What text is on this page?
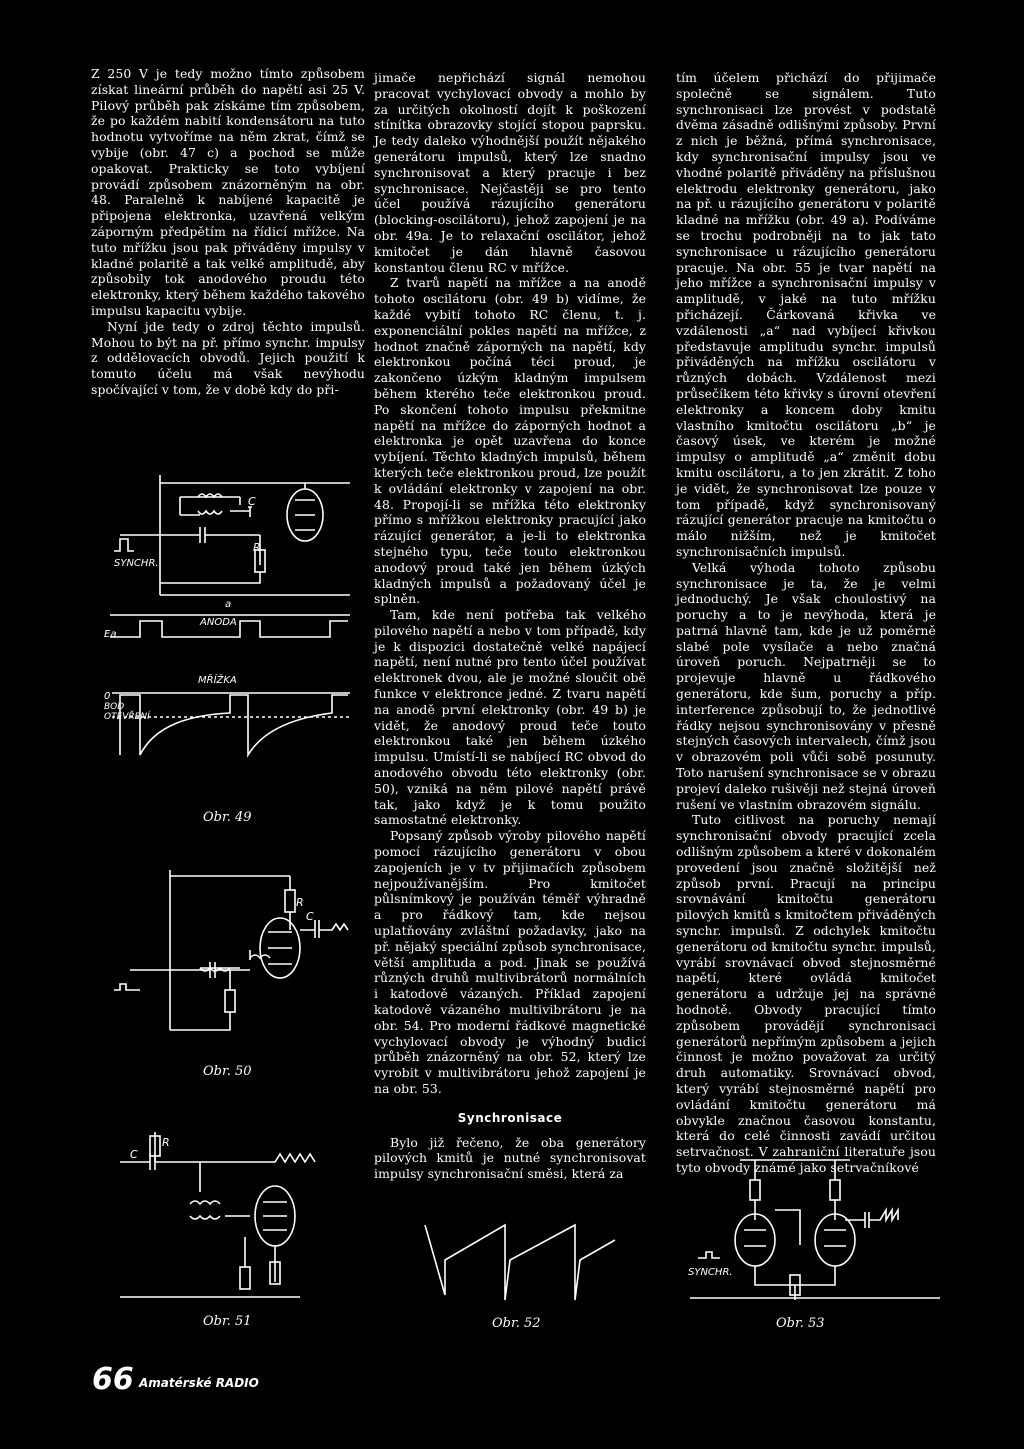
Z 250 V je tedy možno tímto způsobem získat lineární průběh do napětí asi 25 V. Pilový průběh pak získáme tím způsobem, že po každém nabití kondensátoru na tuto hodnotu vytvoříme na něm zkrat, čímž se vybije (obr. 47 c) a pochod se může opakovat. Prakticky se toto vybíjení provádí způsobem znázorněným na obr. 48. Paralelně k nabíjené kapacitě je připojena elektronka, uzavřená velkým záporným předpětím na řídicí mřížce. Na tuto mřížku jsou pak přiváděny impulsy v kladné polaritě a tak velké amplitudě, aby způsobily tok anodového proudu této elektronky, který během každého takového impulsu kapacitu vybije.

Nyní jde tedy o zdroj těchto impulsů. Mohou to být na př. přímo synchr. impulsy z oddělovacích obvodů. Jejich použití k tomuto účelu má však nevýhodu spočívající v tom, že v době kdy do při-

jimače nepřichází signál nemohou pracovat vychylovací obvody a mohlo by za určitých okolností dojít k poškození stínítka obrazovky stojící stopou paprsku. Je tedy daleko výhodnější použít nějakého generátoru impulsů, který lze snadno synchronisovat a který pracuje i bez synchronisace. Nejčastěji se pro tento účel používá rázujícího generátoru (blocking-oscilátoru), jehož zapojení je na obr. 49a. Je to relaxační oscilátor, jehož kmitočet je dán hlavně časovou konstantou členu RC v mřížce.

Z tvarů napětí na mřížce a na anodě tohoto oscilátoru (obr. 49 b) vidíme, že každé vybití tohoto RC členu, t. j. exponenciální pokles napětí na mřížce, z hodnot značně záporných na napětí, kdy elektronkou počíná téci proud, je zakončeno úzkým kladným impulsem během kterého teče elektronkou proud. Po skončení tohoto impulsu překmitne napětí na mřížce do záporných hodnot a elektronka je opět uzavřena do konce vybíjení. Těchto kladných impulsů, během kterých teče elektronkou proud, lze použít k ovládání elektronky v zapojení na obr. 48. Propojí-li se mřížka této elektronky přímo s mřížkou elektronky pracující jako rázující generátor, a je-li to elektronka stejného typu, teče touto elektronkou anodový proud také jen během úzkých kladných impulsů a požadovaný účel je splněn.

Tam, kde není potřeba tak velkého pilového napětí a nebo v tom případě, kdy je k dispozici dostatečně velké napájecí napětí, není nutné pro tento účel používat elektronek dvou, ale je možné sloučit obě funkce v elektronce jedné. Z tvaru napětí na anodě první elektronky (obr. 49 b) je vidět, že anodový proud teče touto elektronkou také jen během úzkého impulsu. Umístí-li se nabíjecí RC obvod do anodového obvodu této elektronky (obr. 50), vzniká na něm pilové napětí právě tak, jako když je k tomu použito samostatné elektronky.

Popsaný způsob výroby pilového napětí pomocí rázujícího generátoru v obou zapojeních je v tv přijimačích způsobem nejpoužívanějším. Pro kmitočet půlsnímkový je používán téměř výhradně a pro řádkový tam, kde nejsou uplatňovány zvláštní požadavky, jako na př. nějaký speciální způsob synchronisace, větší amplituda a pod. Jinak se používá různých druhů multivibrátorů normálních i katodově vázaných. Příklad zapojení katodově vázaného multivibrátoru je na obr. 54. Pro moderní řádkové magnetické vychylovací obvody je výhodný budicí průběh znázorněný na obr. 52, který lze vyrobit v multivibrátoru jehož zapojení je na obr. 53.

Synchronisace

Bylo již řečeno, že oba generátory pilových kmitů je nutné synchronisovat impulsy synchronisační směsi, která za

tím účelem přichází do přijimače společně se signálem. Tuto synchronisaci lze provést v podstatě dvěma zásadně odlišnými způsoby. První z nich je běžná, přímá synchronisace, kdy synchronisační impulsy jsou ve vhodné polaritě přiváděny na příslušnou elektrodu elektronky generátoru, jako na př. u rázujícího generátoru v polaritě kladné na mřížku (obr. 49 a). Podíváme se trochu podrobněji na to jak tato synchronisace u rázujícího generátoru pracuje. Na obr. 55 je tvar napětí na jeho mřížce a synchronisační impulsy v amplitudě, v jaké na tuto mřížku přicházejí. Čárkovaná křivka ve vzdálenosti „a“ nad vybíjecí křivkou představuje amplitudu synchr. impulsů přiváděných na mřížku oscilátoru v různých dobách. Vzdálenost mezi průsečíkem této křivky s úrovní otevření elektronky a koncem doby kmitu vlastního kmitočtu oscilátoru „b“ je časový úsek, ve kterém je možné impulsy o amplitudě „a“ změnit dobu kmitu oscilátoru, a to jen zkrátit. Z toho je vidět, že synchronisovat lze pouze v tom případě, když synchronisovaný rázující generátor pracuje na kmitočtu o málo nižším, než je kmitočet synchronisačních impulsů.

Velká výhoda tohoto způsobu synchronisace je ta, že je velmi jednoduchý. Je však choulostivý na poruchy a to je nevýhoda, která je patrná hlavně tam, kde je už poměrně slabé pole vysílače a nebo značná úroveň poruch. Nejpatrněji se to projevuje hlavně u řádkového generátoru, kde šum, poruchy a příp. interference způsobují to, že jednotlivé řádky nejsou synchronisovány v přesně stejných časových intervalech, čímž jsou v obrazovém poli vůči sobě posunuty. Toto narušení synchronisace se v obrazu projeví daleko rušivěji než stejná úroveň rušení ve vlastním obrazovém signálu.

Tuto citlivost na poruchy nemají synchronisační obvody pracující zcela odlišným způsobem a které v dokonalém provedení jsou značně složitější než způsob první. Pracují na principu srovnávání kmitočtu generátoru pilových kmitů s kmitočtem přiváděných synchr. impulsů. Z odchylek kmitočtu generátoru od kmitočtu synchr. impulsů, vyrábí srovnávací obvod stejnosměrné napětí, které ovládá kmitočet generátoru a udržuje jej na správné hodnotě. Obvody pracující tímto způsobem provádějí synchronisaci generátorů nepřímým způsobem a jejich činnost je možno považovat za určitý druh automatiky. Srovnávací obvod, který vyrábí stejnosměrné napětí pro ovládání kmitočtu generátoru má obvykle značnou časovou konstantu, která do celé činnosti zavádí určitou setrvačnost. V zahraniční literatuře jsou tyto obvody známé jako setrvačníkové

SYNCHR.
R
C
a
ANODA
Ea
MŘÍŽKA
0
BOD
OTEVŘENÍ
Obr. 49
R
C
Obr. 50
C
R
Obr. 51	Obr. 52
SYNCHR.
Obr. 53
66 Amatérské RADIO
